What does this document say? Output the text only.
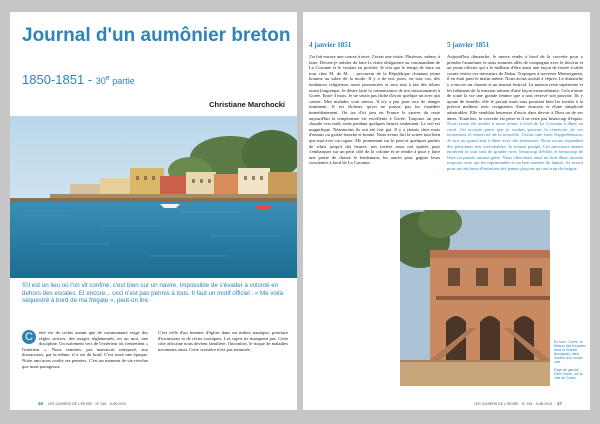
Journal d'un aumônier breton
1850-1851 - 30e partie
Christiane Marchocki

S'il est un lieu où l'on vit confiné, c'est bien sur un navire. Impossible de s'évader à volonté en dehors des escales. Et encore... ceci n'est pas permis à tous. Il faut un motif officiel : « Me voilà séquestré à bord de ma frégate », peut-on lire.

C	ette vie de reclus autant que de communauté exige des règles strictes, des usages réglementés, en un mot, une discipline. Un isolement vers de l'extérieur où s'entretient « l'intérieur ». Nous sommes, par manuscrit interposé, aux distractions, par la même, il a vie du bord. C'est toute une époque. Notre ami nous confie ses pensées. C'est un moment de vie révolue que nous partageons.
C'est celle d'un homme d'église dans un milieu nautique, poncture d'incursions et de récits exotiques. Les sujets ne manquent pas. Cette côte africaine nous devient familière, l'inconfort, le risque de maladies inconnues aussi. Cette croisière n'est pas terminée.
46 LES CAHIERS DE L'IROISE · N° 245 · JUIN 2019
4 janvier 1851
J'ai fait encore une course à terre. J'avais une visite. Plusieurs, même, à faire. Devais-je oublier de faire la visite obligatoire au commandant de La Coronne et le voulais en profiter. Je n'ai que le temps de faire un tour chez M. de M... , procureur de la République chantant jeune homme au sabre de la mode. Il y a de nos jours, en tout cas, des tendances religieuses assez prononcées et sera tout à fait des nôtres avant longtemps. Je désire faire la connaissance de nos missionnaires à Gorée. Entre 3 mois. Je ne serais pas fâché d'avoir quelque un avec qui causer. Mes malades vont mieux. Il n'y a pas pour eux de danger imminent. Il est fâcheux qu'on ne puisse pas les expédier immédiatement. On ira d'ici peu en France le sauver du reste aujourd'hui la température est excellente à Gorée. Toujours un peu chaude vers midi, mais pendant quelques heures seulement. Le ciel est magnifique. Néanmoins ils ont été fort gai. Il y a jamais chez nous d'ennuis ou gaieté franche et bonne. Nous avons fini la soirée tout bien que mal avec un cigare. Me promenant sur le pont et quelques parties de whist jusqu'à dix heures, nos invités nous ont quittés pour s'embarquer sur un petit côté de la colonie et se rendre à pour y faire une partie de chasse le lendemain, les autres pour gagner leurs couchettes à bord de La Coronne.
5 janvier 1851
Aujourd'hui dimanche, le messe rendu à bord de la corvette pour y prendre l'aumônier et nous sommes allés de compagnie avec le docteur et un jeune officier qui a le malheur d'être aussi une façon de fessée à table courte visiter ces messieurs de Dakar. Tropiques à traverser Monseigneur, il en était parti le matin même. Nous avons assisté à vêpres. Le dimanche y a encore un charme et un instant festival. La maison reste supérieure et les habitants de la mission attirent d'une façon extraordinaire. Cela n'aime de toute la vie une grande femme que a tout réservé son pouvoir. Ils y ajoute de remède, elle le portait mais tous pourtant bien les invités à la prévoit malheur avec resignation d'une douceur et d'une simplicité admirables. Elle semblait heureuse d'avoir dans devoir à Dieu un de ses âmes. Toutefois, la corvette est prise et il ne reste pas beaucoup d'espoir. Nous avons été invités à notre retour à bord de La Coronne à dîner au carré. J'ai accepté parce que je voulais pouvoir la remercier de ces invitations et remercier de la nouvelle. J'avais une sorte d'appréhension. Je suis un grand ami à dîner avec des messieurs. Nous avons cependant des personnes très convenables. Je refusai pompe. Ces messieurs dames entrèrent et tout tant de grande rires, beaucoup d'éclats et beaucoup de fêtes ou passés aucune gêne. Nous cherchons ainsi un bon dîner raconte toujours ceux qui les réprimandés et un bon nombre de dames, ils seront pour un très beau d'entretien des jeunes garçons qui ont trop de fatigue.

En haut : Gorée, la Maison des Esclaves dans la Grande Bourgade), dans l'ombre d'un rocher volé.

Page de gauche : Dans Gorée, sur la côte de Gorée.

LES CAHIERS DE L'IROISE · N° 245 · JUIN 2019 47
